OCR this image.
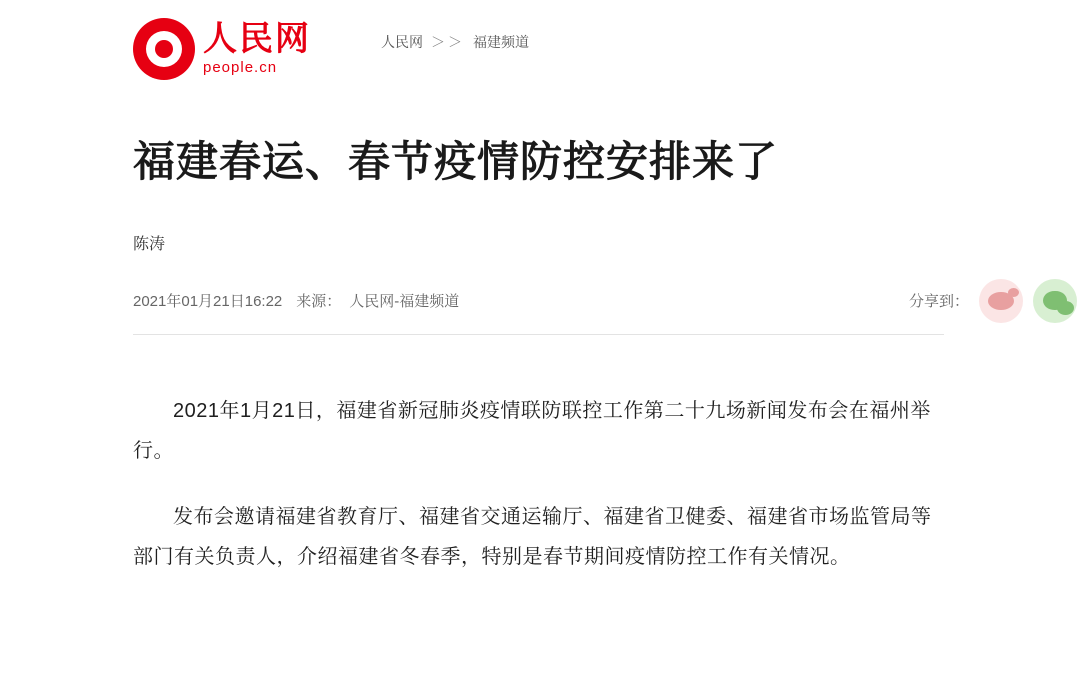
人民网
people.cn
人民网 ＞＞ 福建频道
福建春运、春节疫情防控安排来了
陈涛
2021年01月21日16:22 来源： 人民网-福建频道	分享到：

2021年1月21日，福建省新冠肺炎疫情联防联控工作第二十九场新闻发布会在福州举行。

发布会邀请福建省教育厅、福建省交通运输厅、福建省卫健委、福建省市场监管局等部门有关负责人，介绍福建省冬春季，特别是春节期间疫情防控工作有关情况。
